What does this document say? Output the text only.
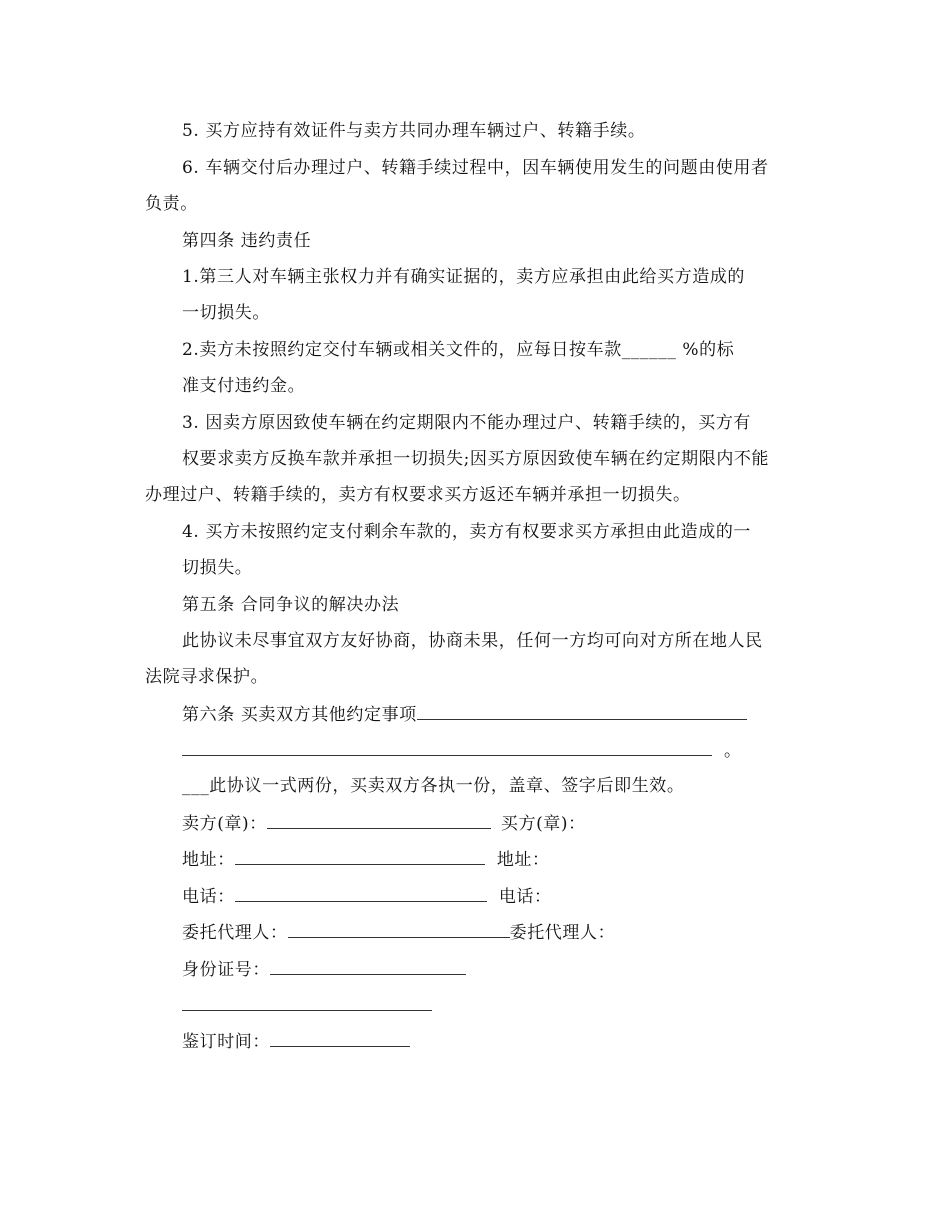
5. 买方应持有效证件与卖方共同办理车辆过户、转籍手续。

6. 车辆交付后办理过户、转籍手续过程中，因车辆使用发生的问题由使用者

负责。

第四条 违约责任

1.第三人对车辆主张权力并有确实证据的，卖方应承担由此给买方造成的

一切损失。

2.卖方未按照约定交付车辆或相关文件的，应每日按车款______ %的标

准支付违约金。

3. 因卖方原因致使车辆在约定期限内不能办理过户、转籍手续的，买方有

权要求卖方反换车款并承担一切损失;因买方原因致使车辆在约定期限内不能

办理过户、转籍手续的，卖方有权要求买方返还车辆并承担一切损失。

4. 买方未按照约定支付剩余车款的，卖方有权要求买方承担由此造成的一

切损失。

第五条 合同争议的解决办法

此协议未尽事宜双方友好协商，协商未果，任何一方均可向对方所在地人民

法院寻求保护。

第六条 买卖双方其他约定事项

。

___此协议一式两份，买卖双方各执一份，盖章、签字后即生效。

卖方(章)：	买方(章)：

地址：	地址：

电话：	电话：

委托代理人：	委托代理人：

身份证号：

鉴订时间：
